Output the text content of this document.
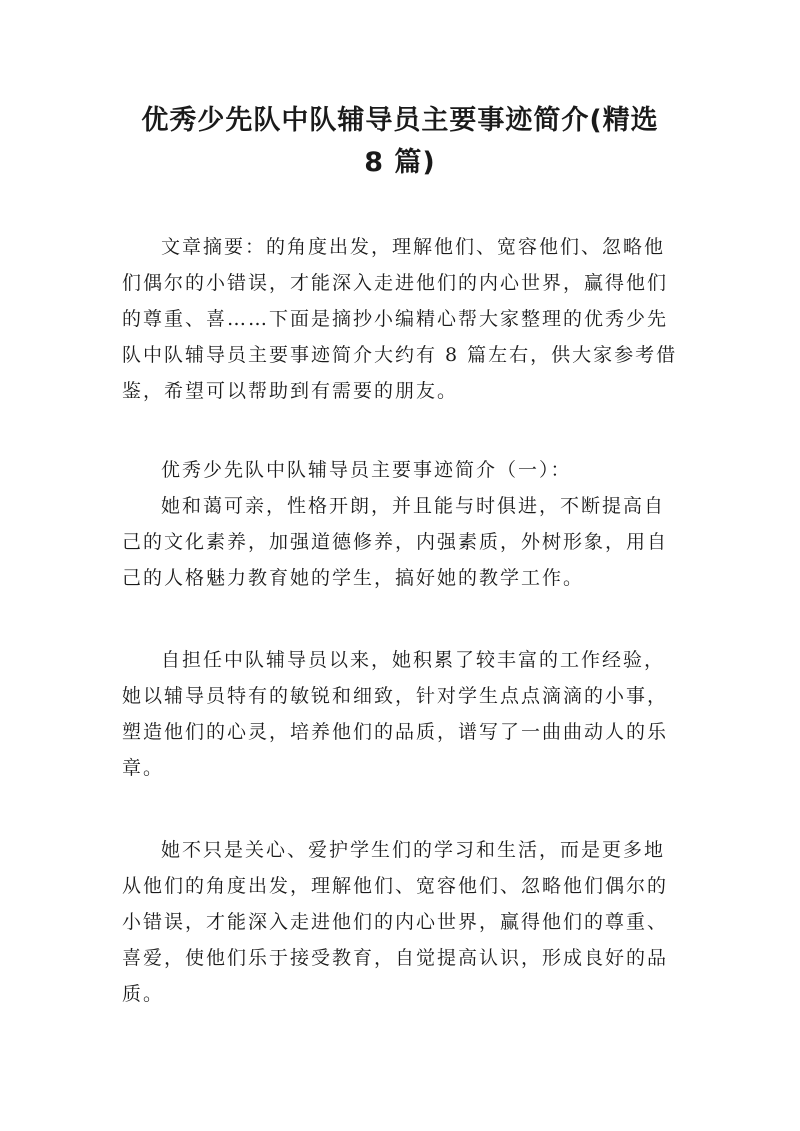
优秀少先队中队辅导员主要事迹简介(精选
8 篇)

文章摘要：的角度出发，理解他们、宽容他们、忽略他

们偶尔的小错误，才能深入走进他们的内心世界，赢得他们

的尊重、喜……下面是摘抄小编精心帮大家整理的优秀少先

队中队辅导员主要事迹简介大约有 8 篇左右，供大家参考借

鉴，希望可以帮助到有需要的朋友。

优秀少先队中队辅导员主要事迹简介（一）：

她和蔼可亲，性格开朗，并且能与时俱进，不断提高自

己的文化素养，加强道德修养，内强素质，外树形象，用自

己的人格魅力教育她的学生，搞好她的教学工作。

自担任中队辅导员以来，她积累了较丰富的工作经验，

她以辅导员特有的敏锐和细致，针对学生点点滴滴的小事，

塑造他们的心灵，培养他们的品质，谱写了一曲曲动人的乐

章。

她不只是关心、爱护学生们的学习和生活，而是更多地

从他们的角度出发，理解他们、宽容他们、忽略他们偶尔的

小错误，才能深入走进他们的内心世界，赢得他们的尊重、

喜爱，使他们乐于接受教育，自觉提高认识，形成良好的品

质。
